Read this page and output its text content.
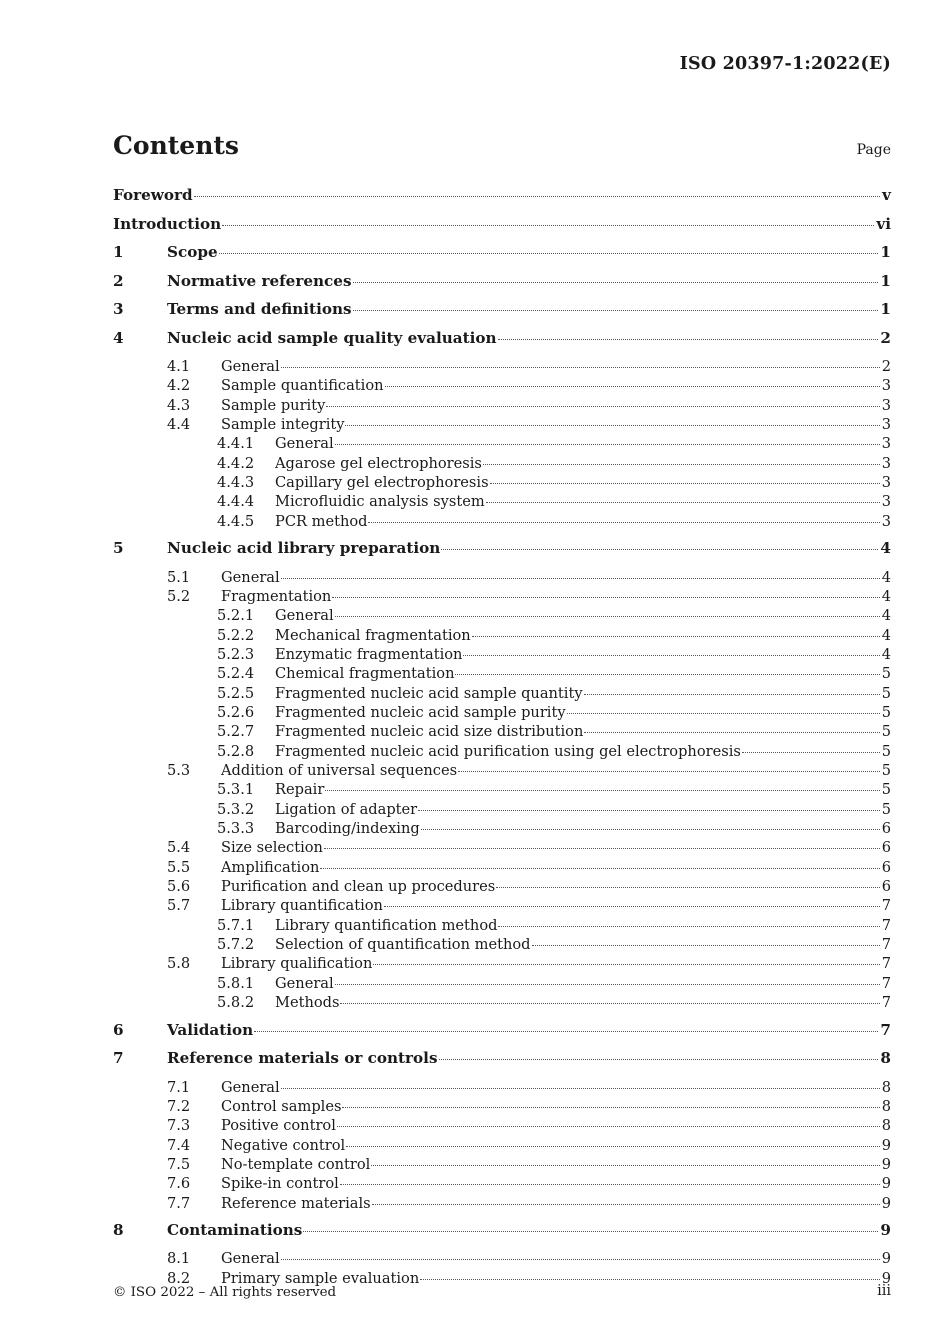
ISO 20397-1:2022(E)
Contents	Page
Foreword	v
Introduction	vi
1	Scope	1
2	Normative references	1
3	Terms and definitions	1
4	Nucleic acid sample quality evaluation	2
4.1	General	2
4.2	Sample quantification	3
4.3	Sample purity	3
4.4	Sample integrity	3
4.4.1	General	3
4.4.2	Agarose gel electrophoresis	3
4.4.3	Capillary gel electrophoresis	3
4.4.4	Microfluidic analysis system	3
4.4.5	PCR method	3
5	Nucleic acid library preparation	4
5.1	General	4
5.2	Fragmentation	4
5.2.1	General	4
5.2.2	Mechanical fragmentation	4
5.2.3	Enzymatic fragmentation	4
5.2.4	Chemical fragmentation	5
5.2.5	Fragmented nucleic acid sample quantity	5
5.2.6	Fragmented nucleic acid sample purity	5
5.2.7	Fragmented nucleic acid size distribution	5
5.2.8	Fragmented nucleic acid purification using gel electrophoresis	5
5.3	Addition of universal sequences	5
5.3.1	Repair	5
5.3.2	Ligation of adapter	5
5.3.3	Barcoding/indexing	6
5.4	Size selection	6
5.5	Amplification	6
5.6	Purification and clean up procedures	6
5.7	Library quantification	7
5.7.1	Library quantification method	7
5.7.2	Selection of quantification method	7
5.8	Library qualification	7
5.8.1	General	7
5.8.2	Methods	7
6	Validation	7
7	Reference materials or controls	8
7.1	General	8
7.2	Control samples	8
7.3	Positive control	8
7.4	Negative control	9
7.5	No-template control	9
7.6	Spike-in control	9
7.7	Reference materials	9
8	Contaminations	9
8.1	General	9
8.2	Primary sample evaluation	9
© ISO 2022 – All rights reserved	iii
